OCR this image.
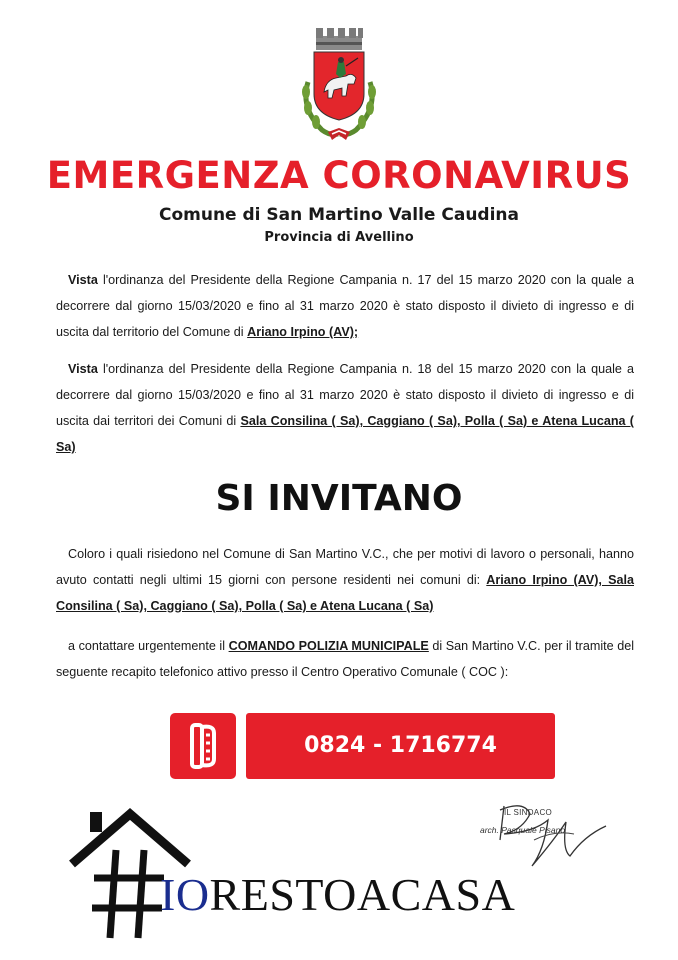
EMERGENZA CORONAVIRUS
Comune di San Martino Valle Caudina
Provincia di Avellino
Vista l'ordinanza del Presidente della Regione Campania n. 17 del 15 marzo 2020 con la quale a decorrere dal giorno 15/03/2020 e fino al 31 marzo 2020 è stato disposto il divieto di ingresso e di uscita dal territorio del Comune di Ariano Irpino (AV);
Vista l'ordinanza del Presidente della Regione Campania n. 18 del 15 marzo 2020 con la quale a decorrere dal giorno 15/03/2020 e fino al 31 marzo 2020 è stato disposto il divieto di ingresso e di uscita dai territori dei Comuni di Sala Consilina ( Sa), Caggiano ( Sa), Polla ( Sa) e Atena Lucana ( Sa)
SI INVITANO
Coloro i quali risiedono nel Comune di San Martino V.C., che per motivi di lavoro o personali, hanno avuto contatti negli ultimi 15 giorni con persone residenti nei comuni di: Ariano Irpino (AV), Sala Consilina ( Sa), Caggiano ( Sa), Polla ( Sa) e Atena Lucana ( Sa)
a contattare urgentemente il COMANDO POLIZIA MUNICIPALE di San Martino V.C. per il tramite del seguente recapito telefonico attivo presso il Centro Operativo Comunale ( COC ):
0824 - 1716774
IL SINDACO
arch. Pasquale Pisano
IORESTOACASA
